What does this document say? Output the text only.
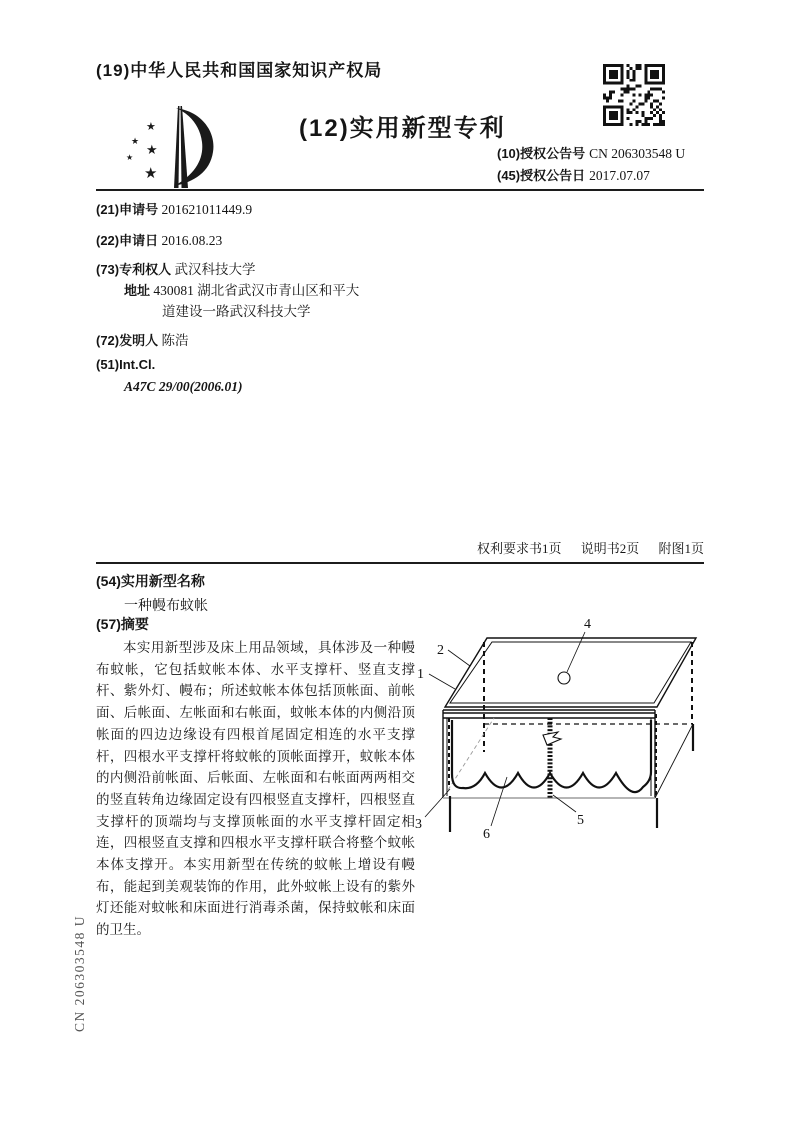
(19)中华人民共和国国家知识产权局
★
★
★
★
★
(12)实用新型专利
(10)授权公告号 CN 206303548 U
(45)授权公告日 2017.07.07
(21)申请号 201621011449.9
(22)申请日 2016.08.23
(73)专利权人 武汉科技大学
地址 430081 湖北省武汉市青山区和平大
道建设一路武汉科技大学
(72)发明人 陈浩
(51)Int.Cl.
A47C 29/00(2006.01)
权利要求书1页 说明书2页 附图1页
(54)实用新型名称
一种幔布蚊帐
(57)摘要
本实用新型涉及床上用品领域，具体涉及一种幔布蚊帐，它包括蚊帐本体、水平支撑杆、竖直支撑杆、紫外灯、幔布；所述蚊帐本体包括顶帐面、前帐面、后帐面、左帐面和右帐面，蚊帐本体的内侧沿顶帐面的四边边缘设有四根首尾固定相连的水平支撑杆，四根水平支撑杆将蚊帐的顶帐面撑开，蚊帐本体的内侧沿前帐面、后帐面、左帐面和右帐面两两相交的竖直转角边缘固定设有四根竖直支撑杆，四根竖直支撑杆的顶端均与支撑顶帐面的水平支撑杆固定相连，四根竖直支撑和四根水平支撑杆联合将整个蚊帐本体支撑开。本实用新型在传统的蚊帐上增设有幔布，能起到美观装饰的作用，此外蚊帐上设有的紫外灯还能对蚊帐和床面进行消毒杀菌，保持蚊帐和床面的卫生。
1
2
3
4
5
6
CN 206303548 U
